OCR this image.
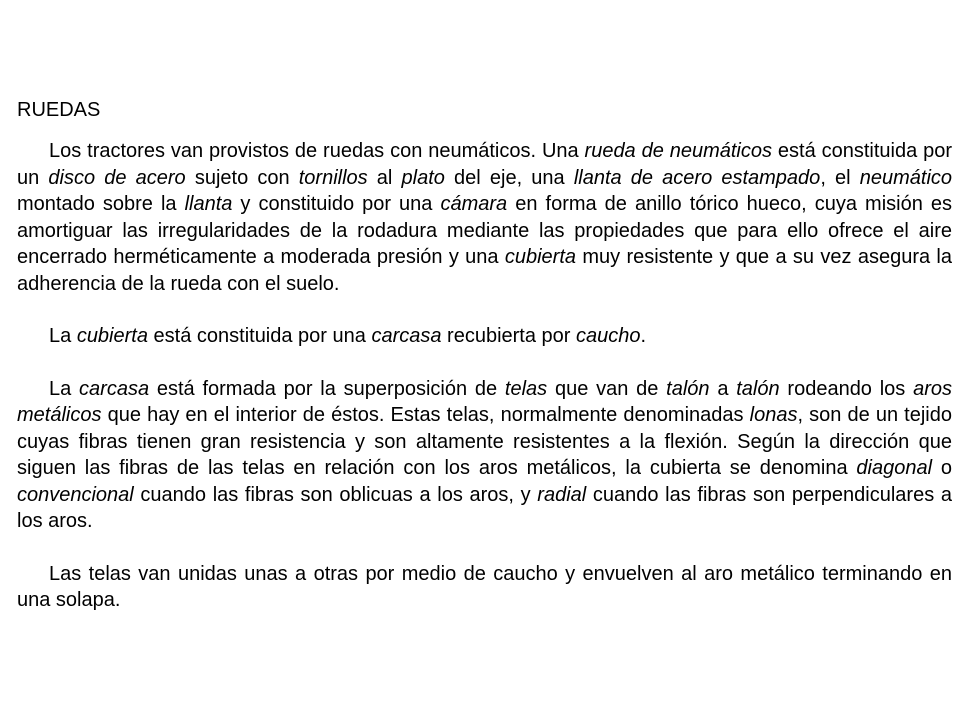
RUEDAS

Los tractores van provistos de ruedas con neumáticos. Una rueda de neumáticos está constituida por un disco de acero sujeto con tornillos al plato del eje, una llanta de acero estampado, el neumático montado sobre la llanta y constituido por una cámara en forma de anillo tórico hueco, cuya misión es amortiguar las irregularidades de la rodadura mediante las propiedades que para ello ofrece el aire encerrado herméticamente a moderada presión y una cubierta muy resistente y que a su vez asegura la adherencia de la rueda con el suelo.

La cubierta está constituida por una carcasa recubierta por caucho.

La carcasa está formada por la superposición de telas que van de talón a talón rodeando los aros metálicos que hay en el interior de éstos. Estas telas, normalmente denominadas lonas, son de un tejido cuyas fibras tienen gran resistencia y son altamente resistentes a la flexión. Según la dirección que siguen las fibras de las telas en relación con los aros metálicos, la cubierta se denomina diagonal o convencional cuando las fibras son oblicuas a los aros, y radial cuando las fibras son perpendiculares a los aros.

Las telas van unidas unas a otras por medio de caucho y envuelven al aro metálico terminando en una solapa.
